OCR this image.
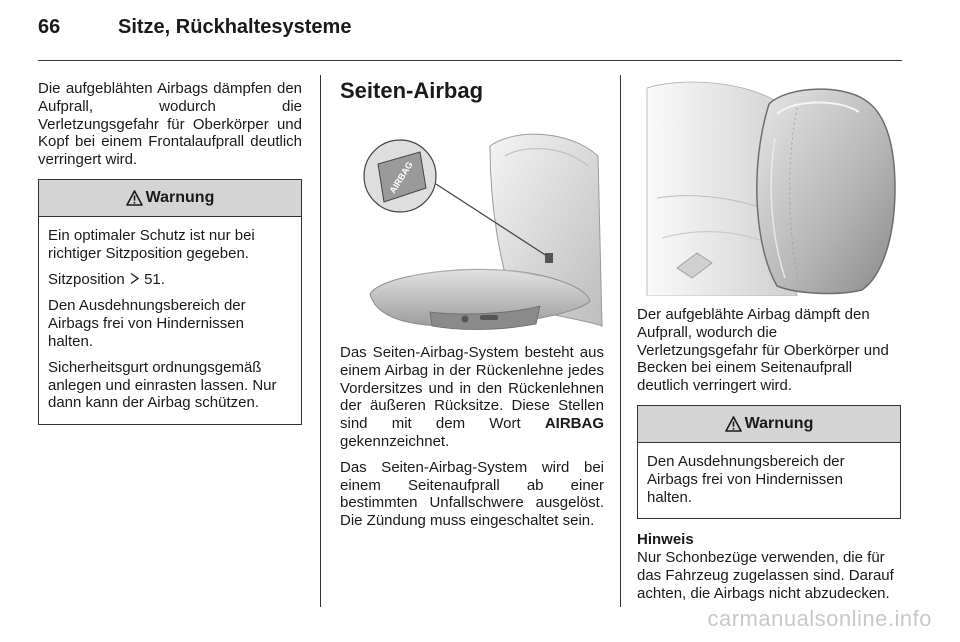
66	Sitze, Rückhaltesysteme

Die aufgeblähten Airbags dämpfen den Aufprall, wodurch die Verletzungsgefahr für Oberkörper und Kopf bei einem Frontalaufprall deutlich verringert wird.

Warnung

Ein optimaler Schutz ist nur bei richtiger Sitzposition gegeben.

Sitzposition 51.

Den Ausdehnungsbereich der Airbags frei von Hindernissen halten.

Sicherheitsgurt ordnungsgemäß anlegen und einrasten lassen. Nur dann kann der Airbag schützen.

Seiten-Airbag
AIRBAG

Das Seiten-Airbag-System besteht aus einem Airbag in der Rückenlehne jedes Vordersitzes und in den Rückenlehnen der äußeren Rücksitze. Diese Stellen sind mit dem Wort AIRBAG gekennzeichnet.

Das Seiten-Airbag-System wird bei einem Seitenaufprall ab einer bestimmten Unfallschwere ausgelöst. Die Zündung muss eingeschaltet sein.

Der aufgeblähte Airbag dämpft den Aufprall, wodurch die Verletzungsgefahr für Oberkörper und Becken bei einem Seitenaufprall deutlich verringert wird.

Warnung

Den Ausdehnungsbereich der Airbags frei von Hindernissen halten.

Hinweis

Nur Schonbezüge verwenden, die für das Fahrzeug zugelassen sind. Darauf achten, die Airbags nicht abzudecken.

carmanualsonline.info
